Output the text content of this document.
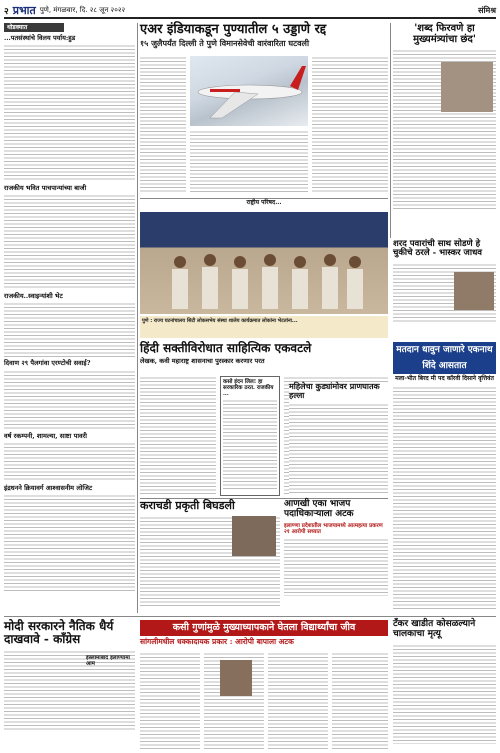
२ प्रभात पुणे, मंगळवार, दि. २८ जून २०२२	संमिश्र
थोडक्यात
...पतसंस्थांचे विलय पर्याय:हुड
राजकीय भवित पाचपान्यांच्या बाजी
राजकीय..स्वाइन्यांशी भेट
दिवाण २९ पैलगांवा एरण्टोची सवाई?
वर्ष रकम्पनी, शामल्या, साष्टा पावरी
इंद्रधनने क्रियावर्ग आश्वासनीम लोजिट
एअर इंडियाकडून पुण्यातील ५ उड्डाणे रद्द
१५ जुलैपर्यंत दिल्ली ते पुणे विमानसेवेची वारंवारिता घटवली
'शब्द फिरवणे हा मुख्यमंत्र्यांचा छंद'
राष्ट्रीय परिषद...
पुणे : राज्य घटनांचालय सिटी लोकसभेय संस्था शालेय कार्यक्रमात लोकांना भेटतांना...
शरद पवारांची साथ सोडणे हे चुकीचे ठरले - भास्कर जाधव
मतदान धावुन जाणारे एकनाथ शिंदे आसतात
मला-भीत बिरद मी पद कॉरवी दिसाने वृत्तिवंत
हिंदी सक्तीविरोधात साहित्यिक एकवटले
लेखक, कवी महाराष्ट्र शासनाचा पुरस्कार करणार परत
कसो इंदन लिल! हा सरकारिक ठरत. राजकीय ...
महिलेचा कुड्यांमोवर प्राणघातक हल्ला
कराचडी प्रकृती बिघडली	आणखी एका भाजप पदाधिकाऱ्याला अटक
इलाण्णा प्रदेशातील भाजयामध्ये आत्महत्या प्रकरण २१ आरोपी सध्यात
मोदी सरकारने नैतिक धैर्य दाखवावे - काँग्रेस
इस्लामाबाद इलाण्यामा आम
कसी गुणांमुळे मुख्याध्यापकाने घेतला विद्यार्थ्यांचा जीव
सांगलीमधील धक्कादायक प्रकार : आरोपी बापाला अटक
टँकर खाडीत कोसळल्याने चालकाचा मृत्यू
